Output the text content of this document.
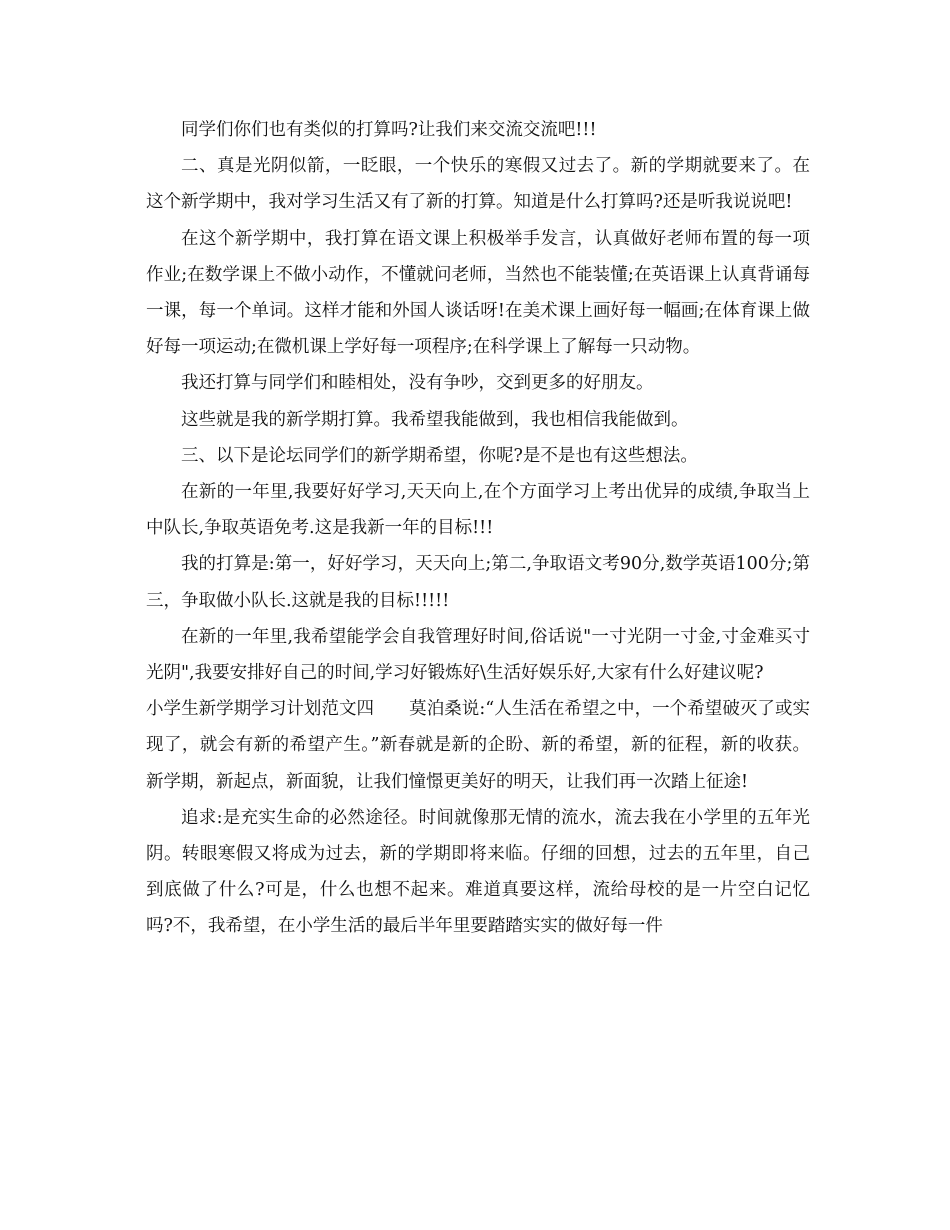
同学们你们也有类似的打算吗?让我们来交流交流吧!!!

二、真是光阴似箭，一眨眼，一个快乐的寒假又过去了。新的学期就要来了。在这个新学期中，我对学习生活又有了新的打算。知道是什么打算吗?还是听我说说吧!

在这个新学期中，我打算在语文课上积极举手发言，认真做好老师布置的每一项作业;在数学课上不做小动作，不懂就问老师，当然也不能装懂;在英语课上认真背诵每一课，每一个单词。这样才能和外国人谈话呀!在美术课上画好每一幅画;在体育课上做好每一项运动;在微机课上学好每一项程序;在科学课上了解每一只动物。

我还打算与同学们和睦相处，没有争吵，交到更多的好朋友。

这些就是我的新学期打算。我希望我能做到，我也相信我能做到。

三、以下是论坛同学们的新学期希望，你呢?是不是也有这些想法。

在新的一年里,我要好好学习,天天向上,在个方面学习上考出优异的成绩,争取当上中队长,争取英语免考.这是我新一年的目标!!!

我的打算是:第一，好好学习，天天向上;第二,争取语文考90分,数学英语100分;第三，争取做小队长.这就是我的目标!!!!!

在新的一年里,我希望能学会自我管理好时间,俗话说"一寸光阴一寸金,寸金难买寸光阴",我要安排好自己的时间,学习好锻炼好\生活好娱乐好,大家有什么好建议呢?

小学生新学期学习计划范文四　　莫泊桑说:“人生活在希望之中，一个希望破灭了或实现了，就会有新的希望产生。”新春就是新的企盼、新的希望，新的征程，新的收获。新学期，新起点，新面貌，让我们憧憬更美好的明天，让我们再一次踏上征途!

追求:是充实生命的必然途径。时间就像那无情的流水，流去我在小学里的五年光阴。转眼寒假又将成为过去，新的学期即将来临。仔细的回想，过去的五年里，自己到底做了什么?可是，什么也想不起来。难道真要这样，流给母校的是一片空白记忆吗?不，我希望，在小学生活的最后半年里要踏踏实实的做好每一件
